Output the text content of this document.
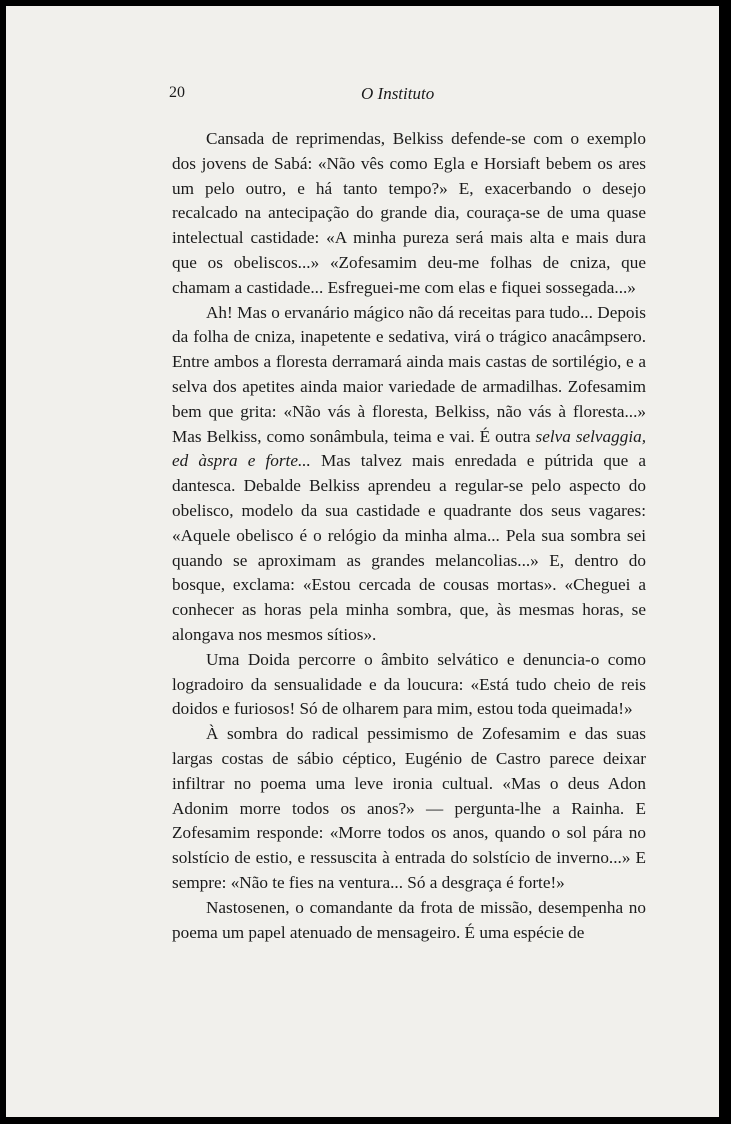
20	O Instituto

Cansada de reprimendas, Belkiss defende-se com o exemplo dos jovens de Sabá: «Não vês como Egla e Horsiaft bebem os ares um pelo outro, e há tanto tempo?» E, exacerbando o desejo recalcado na antecipação do grande dia, couraça-se de uma quase intelectual castidade: «A minha pureza será mais alta e mais dura que os obeliscos...» «Zofesamim deu-me folhas de cniza, que chamam a castidade... Esfreguei-me com elas e fiquei sossegada...»

Ah! Mas o ervanário mágico não dá receitas para tudo... Depois da folha de cniza, inapetente e sedativa, virá o trágico anacâmpsero. Entre ambos a floresta derramará ainda mais castas de sortilégio, e a selva dos apetites ainda maior variedade de armadilhas. Zofesamim bem que grita: «Não vás à floresta, Belkiss, não vás à floresta...» Mas Belkiss, como sonâmbula, teima e vai. É outra selva selvaggia, ed àspra e forte... Mas talvez mais enredada e pútrida que a dantesca. Debalde Belkiss aprendeu a regular-se pelo aspecto do obelisco, modelo da sua castidade e quadrante dos seus vagares: «Aquele obelisco é o relógio da minha alma... Pela sua sombra sei quando se aproximam as grandes melancolias...» E, dentro do bosque, exclama: «Estou cercada de cousas mortas». «Cheguei a conhecer as horas pela minha sombra, que, às mesmas horas, se alongava nos mesmos sítios».

Uma Doida percorre o âmbito selvático e denuncia-o como logradoiro da sensualidade e da loucura: «Está tudo cheio de reis doidos e furiosos! Só de olharem para mim, estou toda queimada!»

À sombra do radical pessimismo de Zofesamim e das suas largas costas de sábio céptico, Eugénio de Castro parece deixar infiltrar no poema uma leve ironia cultual. «Mas o deus Adon Adonim morre todos os anos?» — pergunta-lhe a Rainha. E Zofesamim responde: «Morre todos os anos, quando o sol pára no solstício de estio, e ressuscita à entrada do solstício de inverno...» E sempre: «Não te fies na ventura... Só a desgraça é forte!»

Nastosenen, o comandante da frota de missão, desempenha no poema um papel atenuado de mensageiro. É uma espécie de
